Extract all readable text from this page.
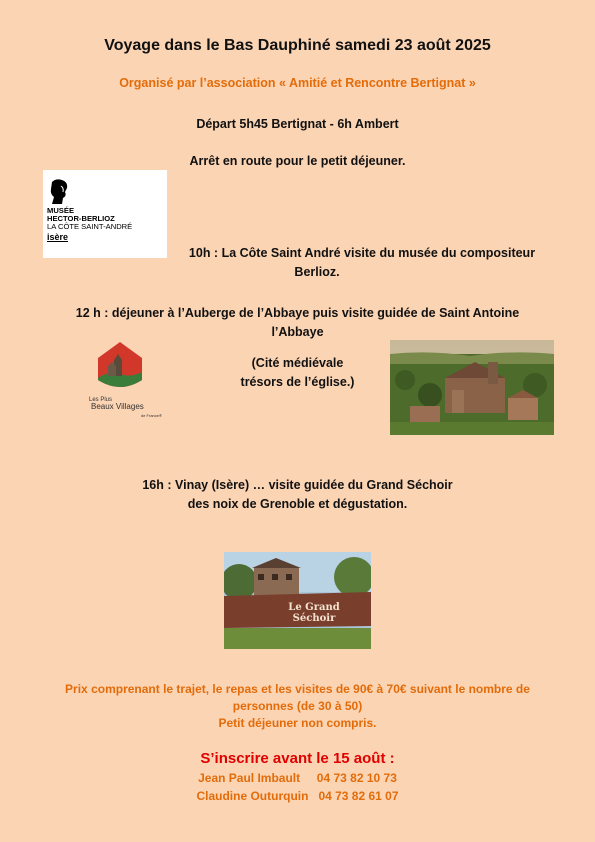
Voyage dans le Bas Dauphiné samedi 23 août 2025
Organisé par l’association « Amitié et Rencontre Bertignat »
Départ 5h45 Bertignat - 6h Ambert
Arrêt en route pour le petit déjeuner.
MUSÉE
HECTOR-BERLIOZ
LA CÔTE SAINT-ANDRÉ
isère
10h : La Côte Saint André visite du musée du compositeur
Berlioz.
12 h : déjeuner à l’Auberge de l’Abbaye puis visite guidée de Saint Antoine
l’Abbaye
Les Plus
Beaux Villages
de France®
(Cité médiévale
trésors de l’église.)
16h : Vinay (Isère) … visite guidée du Grand Séchoir
des noix de Grenoble et dégustation.
Le Grand Séchoir
Prix comprenant le trajet, le repas et les visites de 90€ à 70€ suivant le nombre de
personnes (de 30 à 50)
Petit déjeuner non compris.
S’inscrire avant le 15 août :
Jean Paul Imbault     04 73 82 10 73
Claudine Outurquin   04 73 82 61 07
